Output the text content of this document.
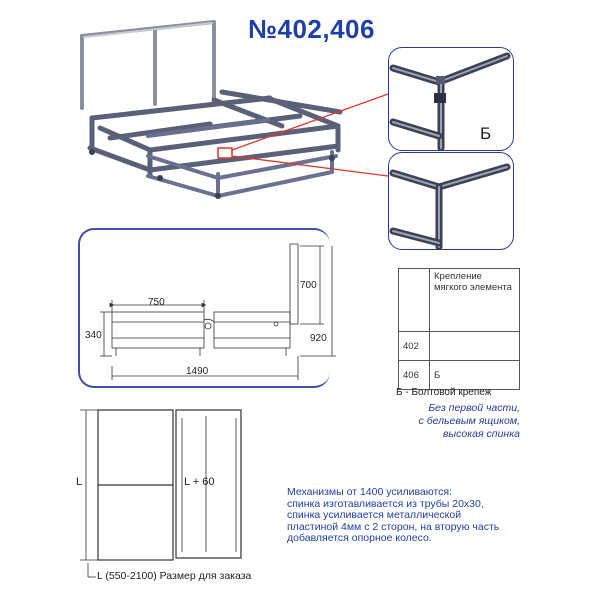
№402,406
Б
750
700
340	920
1490
	Крепление мягкого элемента
402	
406	Б
Б - Болтовой крепеж
Без первой части,
с бельевым ящиком,
высокая спинка
L	L + 60
Механизмы от 1400 усиливаются:
спинка изготавливается из трубы 20x30,
спинка усиливается металлической
пластиной 4мм с 2 сторон, на вторую часть
добавляется опорное колесо.
L (550-2100) Размер для заказа
